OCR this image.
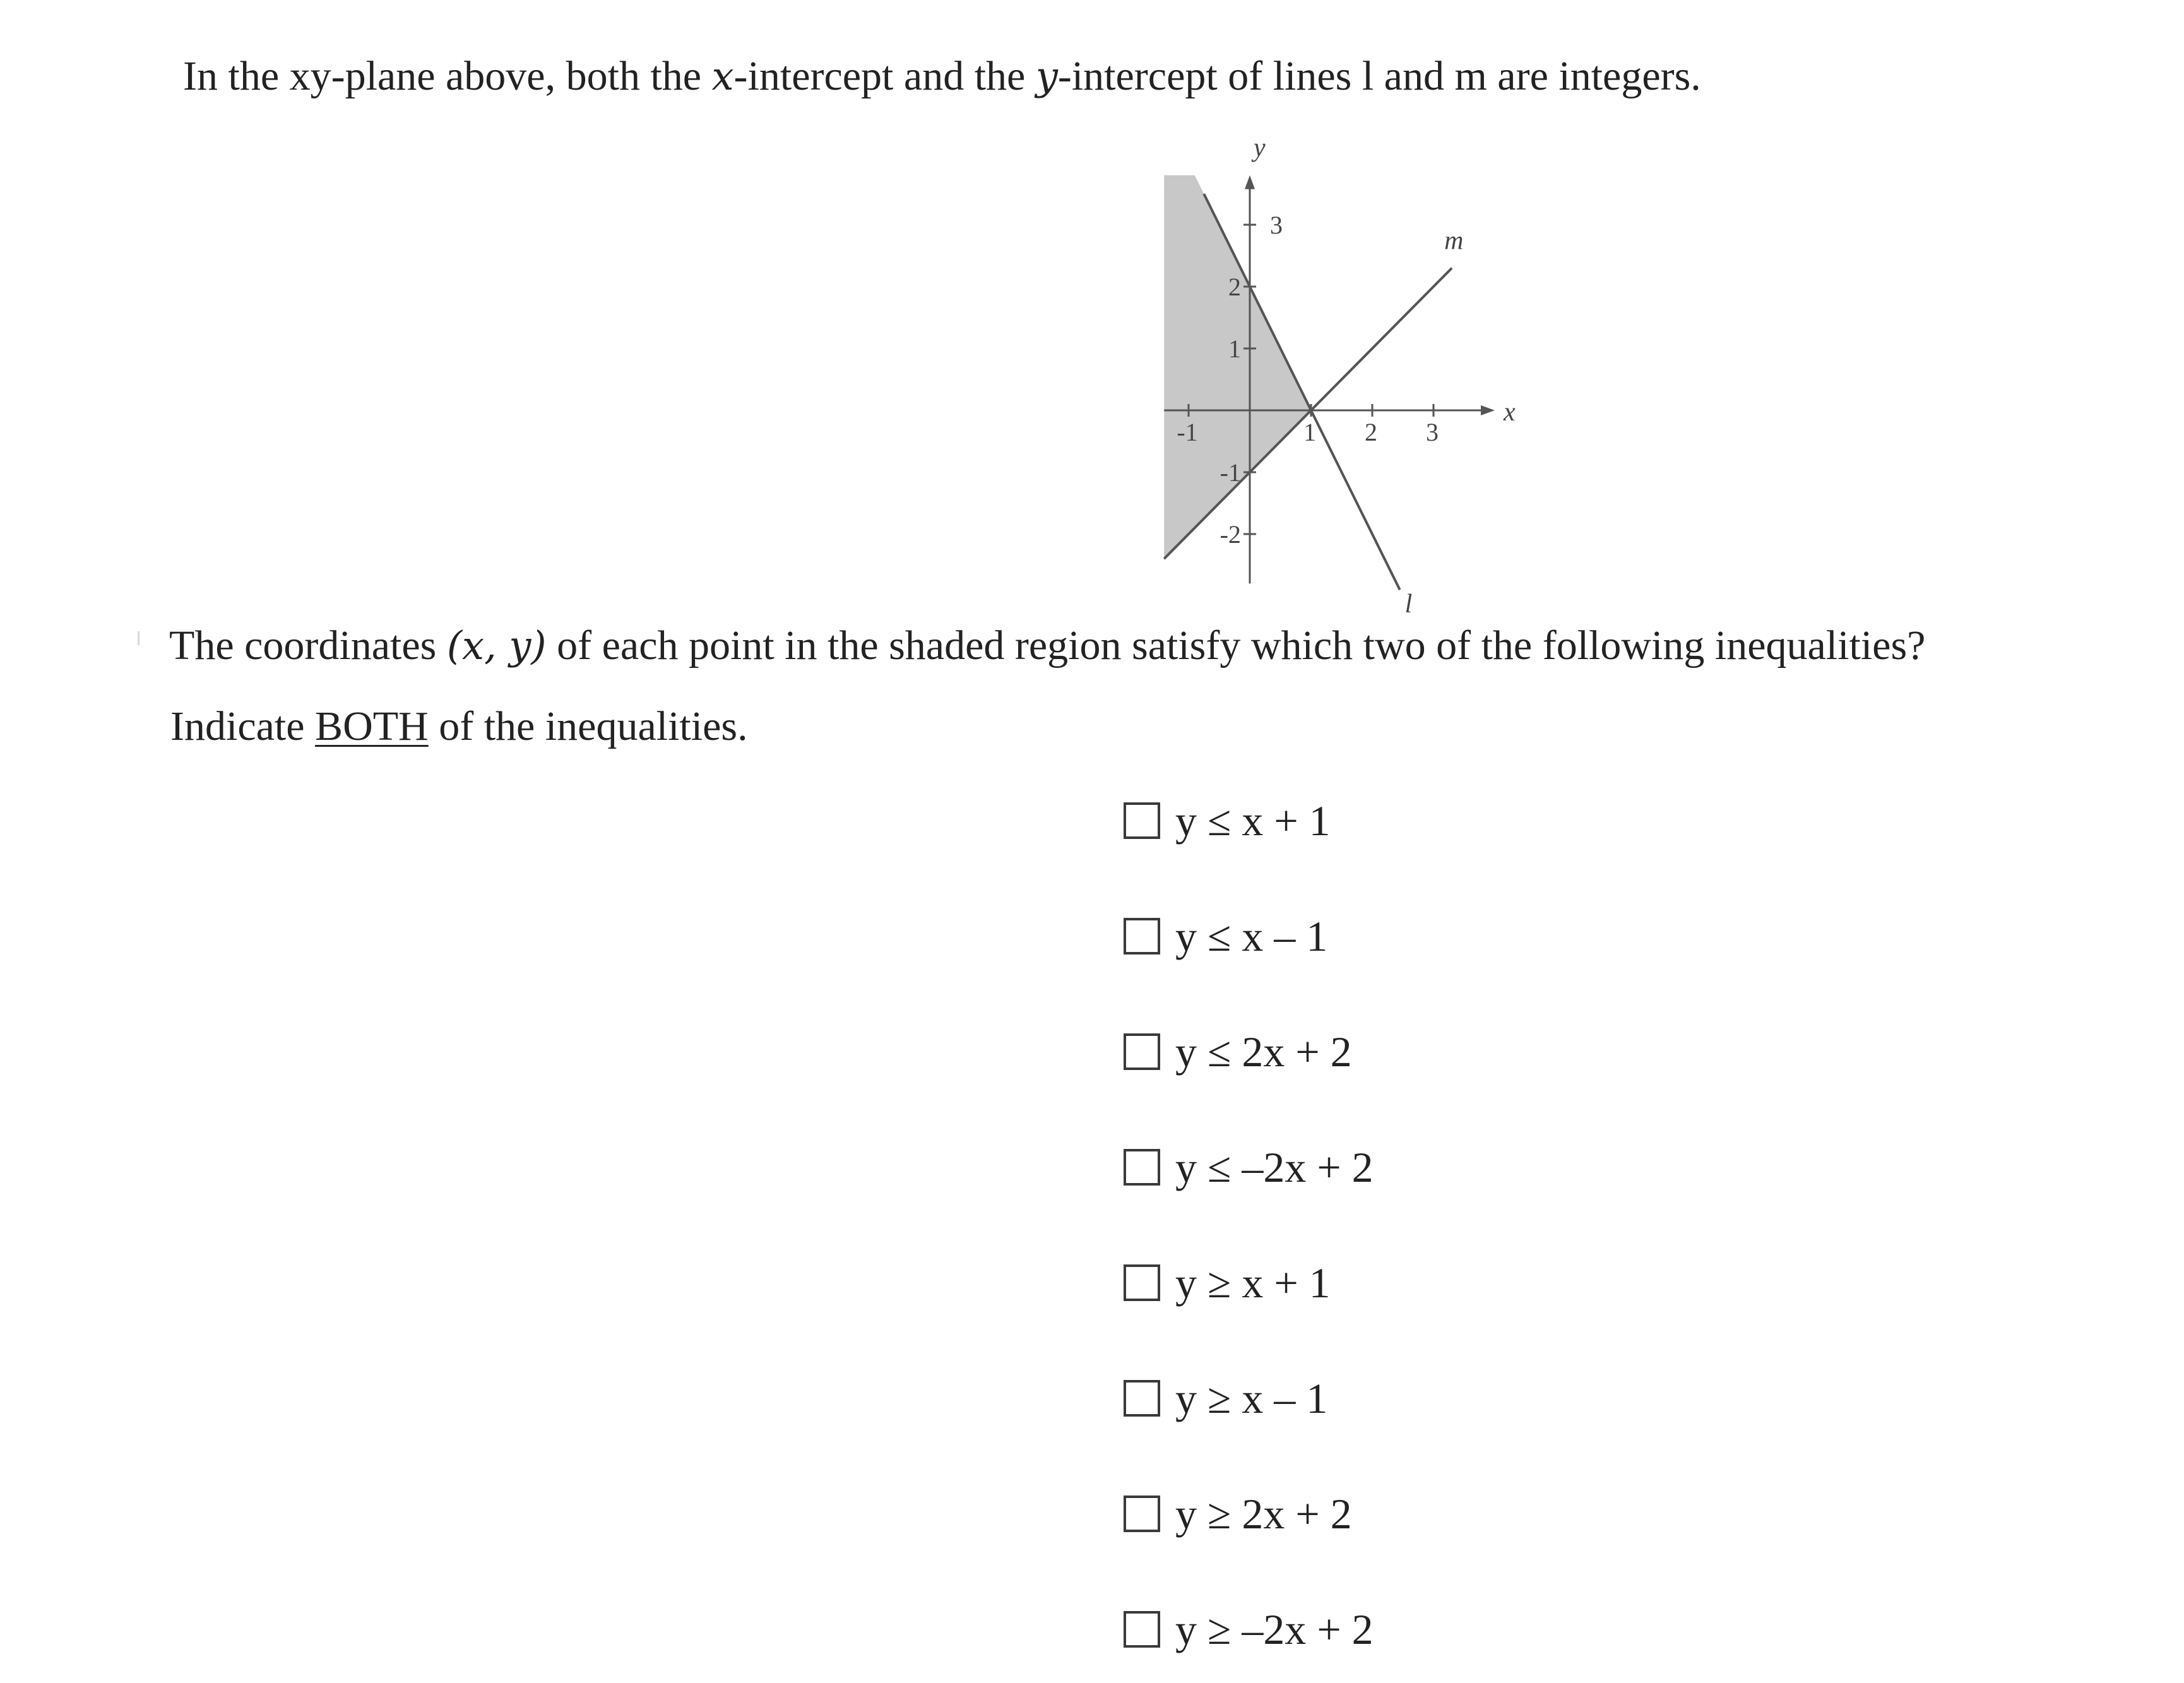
In the xy-plane above, both the x-intercept and the y-intercept of lines l and m are integers.
-1	1 2 3
-2
-1
1
2
3
l
m
x
y
The coordinates (x, y) of each point in the shaded region satisfy which two of the following inequalities?
Indicate BOTH of the inequalities.
y ≤ x + 1
y ≤ x – 1
y ≤ 2x + 2
y ≤ –2x + 2
y ≥ x + 1
y ≥ x – 1
y ≥ 2x + 2
y ≥ –2x + 2
